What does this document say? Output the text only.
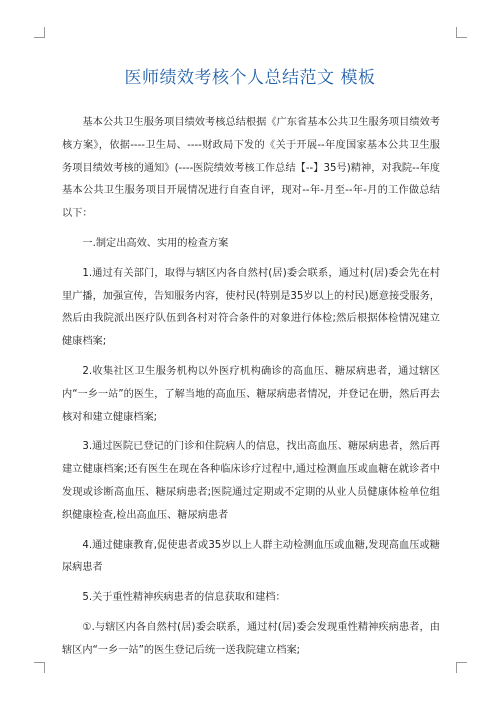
医师绩效考核个人总结范文 模板

基本公共卫生服务项目绩效考核总结根据《广东省基本公共卫生服务项目绩效考核方案》，依据----卫生局、----财政局下发的《关于开展--年度国家基本公共卫生服务项目绩效考核的通知》(----医院绩效考核工作总结【--】35号)精神，对我院--年度基本公共卫生服务项目开展情况进行自查自评，现对--年-月至--年-月的工作做总结以下：

一.制定出高效、实用的检查方案

1.通过有关部门，取得与辖区内各自然村(居)委会联系，通过村(居)委会先在村里广播，加强宣传，告知服务内容，使村民(特别是35岁以上的村民)愿意接受服务，然后由我院派出医疗队伍到各村对符合条件的对象进行体检;然后根据体检情况建立健康档案;

2.收集社区卫生服务机构以外医疗机构确诊的高血压、糖尿病患者，通过辖区内“一乡一站”的医生，了解当地的高血压、糖尿病患者情况，并登记在册，然后再去核对和建立健康档案;

3.通过医院已登记的门诊和住院病人的信息，找出高血压、糖尿病患者，然后再建立健康档案;还有医生在现在各种临床诊疗过程中,通过检测血压或血糖在就诊者中发现或诊断高血压、糖尿病患者;医院通过定期或不定期的从业人员健康体检单位组织健康检查,检出高血压、糖尿病患者

4.通过健康教育,促使患者或35岁以上人群主动检测血压或血糖,发现高血压或糖尿病患者

5.关于重性精神疾病患者的信息获取和建档：

①.与辖区内各自然村(居)委会联系，通过村(居)委会发现重性精神疾病患者，由辖区内“一乡一站”的医生登记后统一送我院建立档案;
